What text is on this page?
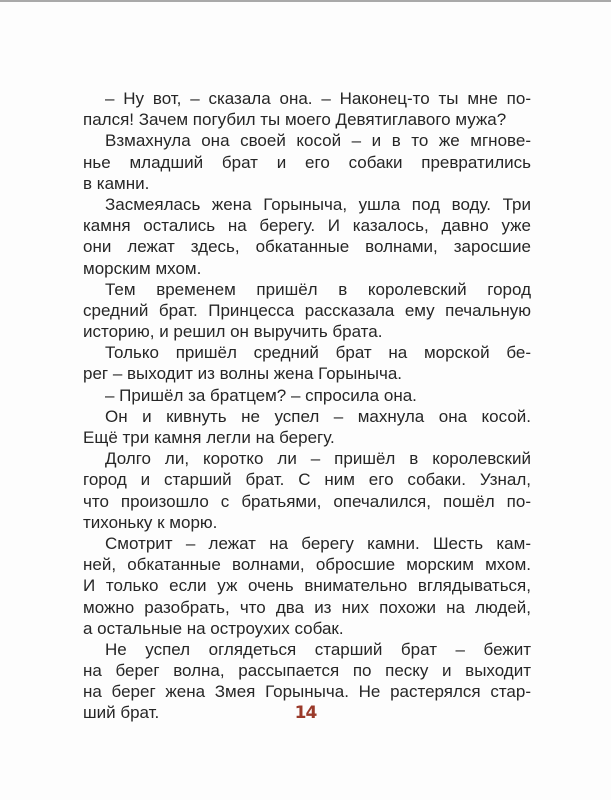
– Ну вот, – сказала она. – Наконец-то ты мне по-
пался! Зачем погубил ты моего Девятиглавого мужа?
Взмахнула она своей косой – и в то же мгнове-
нье младший брат и его собаки превратились
в камни.
Засмеялась жена Горыныча, ушла под воду. Три
камня остались на берегу. И казалось, давно уже
они лежат здесь, обкатанные волнами, заросшие
морским мхом.
Тем временем пришёл в королевский город
средний брат. Принцесса рассказала ему печальную
историю, и решил он выручить брата.
Только пришёл средний брат на морской бе-
рег – выходит из волны жена Горыныча.
– Пришёл за братцем? – спросила она.
Он и кивнуть не успел – махнула она косой.
Ещё три камня легли на берегу.
Долго ли, коротко ли – пришёл в королевский
город и старший брат. С ним его собаки. Узнал,
что произошло с братьями, опечалился, пошёл по-
тихоньку к морю.
Смотрит – лежат на берегу камни. Шесть кам-
ней, обкатанные волнами, обросшие морским мхом.
И только если уж очень внимательно вглядываться,
можно разобрать, что два из них похожи на людей,
а остальные на остроухих собак.
Не успел оглядеться старший брат – бежит
на берег волна, рассыпается по песку и выходит
на берег жена Змея Горыныча. Не растерялся стар-
ший брат.	14
